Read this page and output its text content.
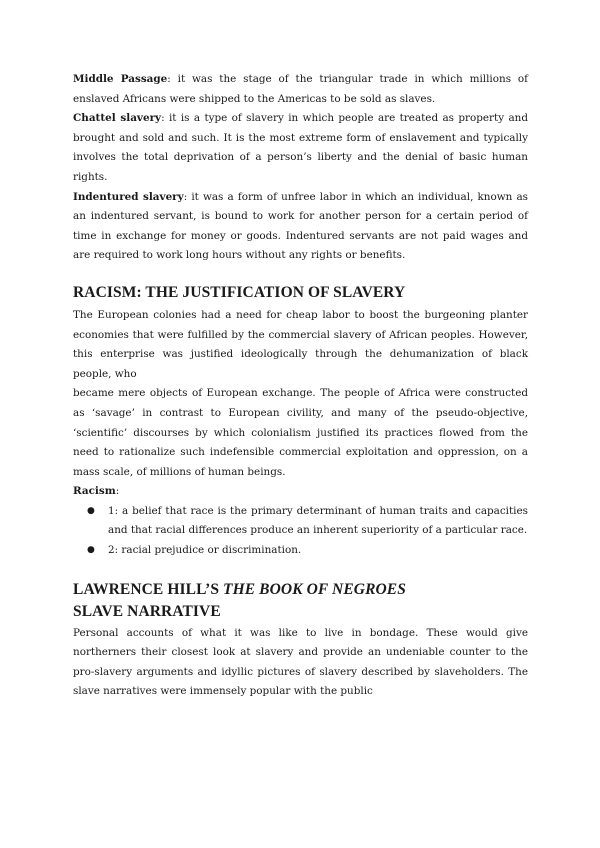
Middle Passage: it was the stage of the triangular trade in which millions of enslaved Africans were shipped to the Americas to be sold as slaves.

Chattel slavery: it is a type of slavery in which people are treated as property and brought and sold and such. It is the most extreme form of enslavement and typically involves the total deprivation of a person’s liberty and the denial of basic human rights.

Indentured slavery: it was a form of unfree labor in which an individual, known as an indentured servant, is bound to work for another person for a certain period of time in exchange for money or goods. Indentured servants are not paid wages and are required to work long hours without any rights or benefits.

RACISM: THE JUSTIFICATION OF SLAVERY

The European colonies had a need for cheap labor to boost the burgeoning planter economies that were fulfilled by the commercial slavery of African peoples. However, this enterprise was justified ideologically through the dehumanization of black people, who

became mere objects of European exchange. The people of Africa were constructed as ‘savage’ in contrast to European civility, and many of the pseudo-objective, ‘scientific’ discourses by which colonialism justified its practices flowed from the need to rationalize such indefensible commercial exploitation and oppression, on a mass scale, of millions of human beings.

Racism:

● 1: a belief that race is the primary determinant of human traits and capacities and that racial differences produce an inherent superiority of a particular race.
● 2: racial prejudice or discrimination.
LAWRENCE HILL’S THE BOOK OF NEGROES
SLAVE NARRATIVE

Personal accounts of what it was like to live in bondage. These would give northerners their closest look at slavery and provide an undeniable counter to the pro-slavery arguments and idyllic pictures of slavery described by slaveholders. The slave narratives were immensely popular with the public
